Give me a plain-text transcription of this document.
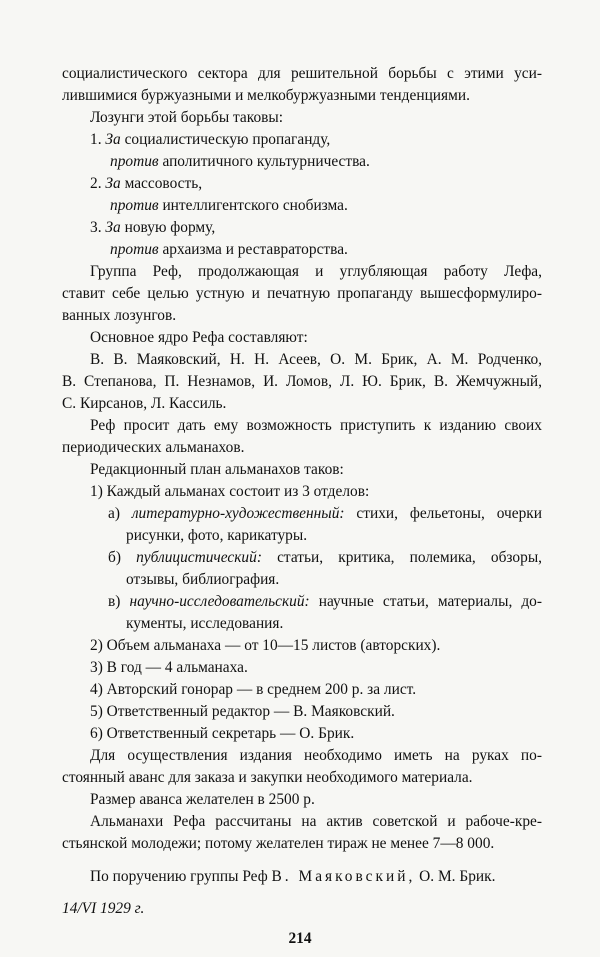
социалистического сектора для решительной борьбы с этими уси-
лившимися буржуазными и мелкобуржуазными тенденциями.
Лозунги этой борьбы таковы:
1. За социалистическую пропаганду,
против аполитичного культурничества.
2. За массовость,
против интеллигентского снобизма.
3. За новую форму,
против архаизма и реставраторства.
Группа Реф, продолжающая и углубляющая работу Лефа,
ставит себе целью устную и печатную пропаганду вышесформулиро-
ванных лозунгов.
Основное ядро Рефа составляют:
В. В. Маяковский, Н. Н. Асеев, О. М. Брик, А. М. Родченко,
В. Степанова, П. Незнамов, И. Ломов, Л. Ю. Брик, В. Жемчужный,
С. Кирсанов, Л. Кассиль.
Реф просит дать ему возможность приступить к изданию своих
периодических альманахов.
Редакционный план альманахов таков:
1) Каждый альманах состоит из 3 отделов:
а) литературно-художественный: стихи, фельетоны, очерки
рисунки, фото, карикатуры.
б) публицистический: статьи, критика, полемика, обзоры,
отзывы, библиография.
в) научно-исследовательский: научные статьи, материалы, до-
кументы, исследования.
2) Объем альманаха — от 10—15 листов (авторских).
3) В год — 4 альманаха.
4) Авторский гонорар — в среднем 200 р. за лист.
5) Ответственный редактор — В. Маяковский.
6) Ответственный секретарь — О. Брик.
Для осуществления издания необходимо иметь на руках по-
стоянный аванс для заказа и закупки необходимого материала.
Размер аванса желателен в 2500 р.
Альманахи Рефа рассчитаны на актив советской и рабоче-кре-
стьянской молодежи; потому желателен тираж не менее 7—8 000.
По поручению группы Реф В. Маяковский, О. М. Брик.
14/VI 1929 г.
214
